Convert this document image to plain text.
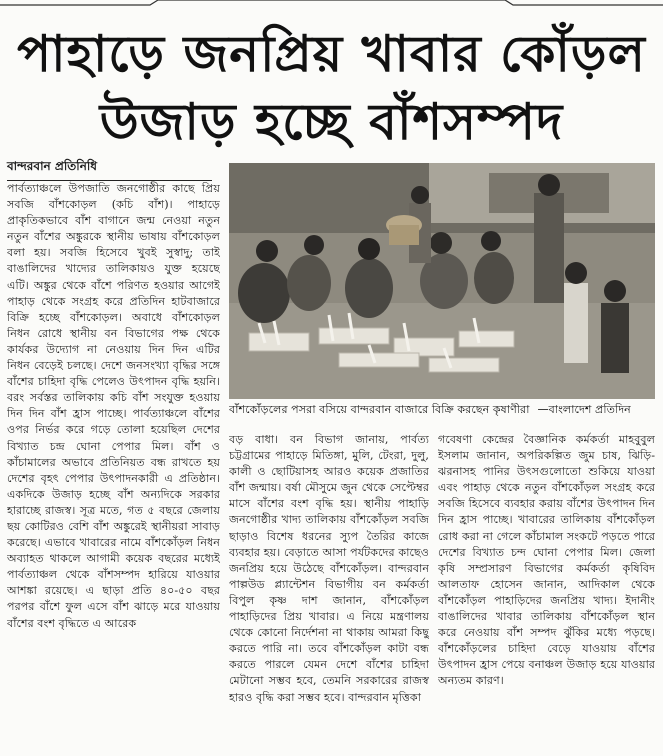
পাহাড়ে জনপ্রিয় খাবার কোঁড়ল
উজাড় হচ্ছে বাঁশসম্পদ
বান্দরবান প্রতিনিধি
পার্বত্যাঞ্চলে উপজাতি জনগোষ্ঠীর কাছে প্রিয় সবজি বাঁশকোড়ল (কচি বাঁশ)। পাহাড়ে প্রাকৃতিকভাবে বাঁশ বাগানে জন্ম নেওয়া নতুন নতুন বাঁশের অঙ্কুরকে স্থানীয় ভাষায় বাঁশকোড়ল বলা হয়। সবজি হিসেবে খুবই সুস্বাদু; তাই বাঙালিদের খাদ্যের তালিকায়ও যুক্ত হয়েছে এটি। অঙ্কুর থেকে বাঁশে পরিণত হওয়ার আগেই পাহাড় থেকে সংগ্রহ করে প্রতিদিন হাটবাজারে বিক্রি হচ্ছে বাঁশকোড়ল। অবাধে বাঁশকোড়ল নিধন রোধে স্থানীয় বন বিভাগের পক্ষ থেকে কার্যকর উদ্যোগ না নেওয়ায় দিন দিন এটির নিধন বেড়েই চলছে। দেশে জনসংখ্যা বৃদ্ধির সঙ্গে বাঁশের চাহিদা বৃদ্ধি পেলেও উৎপাদন বৃদ্ধি হয়নি। বরং সর্বস্তর তালিকায় কচি বাঁশ সংযুক্ত হওয়ায় দিন দিন বাঁশ হ্রাস পাচ্ছে। পার্বত্যাঞ্চলে বাঁশের ওপর নির্ভর করে গড়ে তোলা হয়েছিল দেশের বিখ্যাত চন্দ্র ঘোনা পেপার মিল। বাঁশ ও কাঁচামালের অভাবে প্রতিনিয়ত বন্ধ রাখতে হয় দেশের বৃহৎ পেপার উৎপাদনকারী এ প্রতিষ্ঠান। একদিকে উজাড় হচ্ছে বাঁশ অন্যদিকে সরকার হারাচ্ছে রাজস্ব। সূত্র মতে, গত ৫ বছরে জেলায় ছয় কোটিরও বেশি বাঁশ অঙ্কুরেই স্থানীয়রা সাবাড় করেছে। এভাবে খাবারের নামে বাঁশকোঁড়ল নিধন অব্যাহত থাকলে আগামী কয়েক বছরের মধ্যেই পার্বত্যাঞ্চল থেকে বাঁশসম্পদ হারিয়ে যাওয়ার আশঙ্কা রয়েছে। এ ছাড়া প্রতি ৪০-৫০ বছর পরপর বাঁশে ফুল এসে বাঁশ ঝাড়ে মরে যাওয়ায় বাঁশের বংশ বৃদ্ধিতে এ আরেক
বাঁশকোঁড়লের পসরা বসিয়ে বান্দরবান বাজারে বিক্রি করছেন কৃষাণীরা —বাংলাদেশ প্রতিদিন
বড় বাধা। বন বিভাগ জানায়, পার্বত্য চট্টগ্রামের পাহাড়ে মিতিঙ্গা, মুলি, টেংরা, দুলু, কালী ও ছোটিয়াসহ আরও কয়েক প্রজাতির বাঁশ জন্মায়। বর্ষা মৌসুমে জুন থেকে সেপ্টেম্বর মাসে বাঁশের বংশ বৃদ্ধি হয়। স্থানীয় পাহাড়ি জনগোষ্ঠীর খাদ্য তালিকায় বাঁশকোঁড়ল সবজি ছাড়াও বিশেষ ধরনের স্যুপ তৈরির কাজে ব্যবহার হয়। বেড়াতে আসা পর্যটকদের কাছেও জনপ্রিয় হয়ে উঠেছে বাঁশকোঁড়ল। বান্দরবান পাল্পউড প্ল্যান্টেশন বিভাগীয় বন কর্মকর্তা বিপুল কৃষ্ণ দাশ জানান, বাঁশকোঁড়ল পাহাড়িদের প্রিয় খাবার। এ নিয়ে মন্ত্রণালয় থেকে কোনো নির্দেশনা না থাকায় আমরা কিছু করতে পারি না। তবে বাঁশকোঁড়ল কাটা বন্ধ করতে পারলে যেমন দেশে বাঁশের চাহিদা মেটানো সম্ভব হবে, তেমনি সরকারের রাজস্ব হারও বৃদ্ধি করা সম্ভব হবে। বান্দরবান মৃত্তিকা
গবেষণা কেন্দ্রের বৈজ্ঞানিক কর্মকর্তা মাহবুবুল ইসলাম জানান, অপরিকল্পিত জুম চাষ, ঝিড়ি-ঝরনাসহ পানির উৎসগুলোতো শুকিয়ে যাওয়া এবং পাহাড় থেকে নতুন বাঁশকোঁড়ল সংগ্রহ করে সবজি হিসেবে ব্যবহার করায় বাঁশের উৎপাদন দিন দিন হ্রাস পাচ্ছে। খাবারের তালিকায় বাঁশকোঁড়ল রোধ করা না গেলে কাঁচামাল সংকটে পড়তে পারে দেশের বিখ্যাত চন্দ ঘোনা পেপার মিল। জেলা কৃষি সম্প্রসারণ বিভাগের কর্মকর্তা কৃষিবিদ আলতাফ হোসেন জানান, আদিকাল থেকে বাঁশকোঁড়ল পাহাড়িদের জনপ্রিয় খাদ্য। ইদানীং বাঙালিদের খাবার তালিকায় বাঁশকোঁড়ল স্থান করে নেওয়ায় বাঁশ সম্পদ ঝুঁকির মধ্যে পড়ছে। বাঁশকোঁড়লের চাহিদা বেড়ে যাওয়ায় বাঁশের উৎপাদন হ্রাস পেয়ে বনাঞ্চল উজাড় হয়ে যাওয়ার অন্যতম কারণ।
